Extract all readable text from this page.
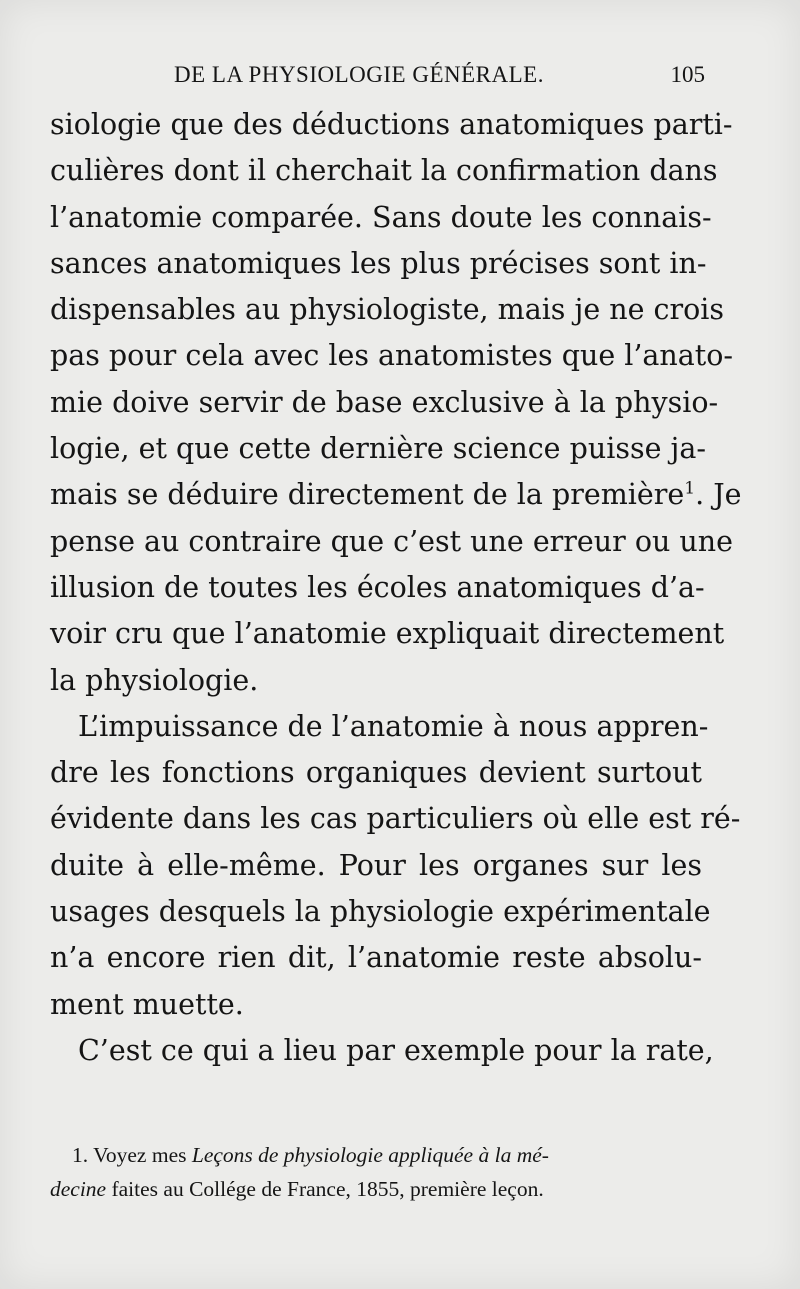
DE LA PHYSIOLOGIE GÉNÉRALE.	105
siologie que des déductions anatomiques parti-
culières dont il cherchait la confirmation dans
l’anatomie comparée. Sans doute les connais-
sances anatomiques les plus précises sont in-
dispensables au physiologiste, mais je ne crois
pas pour cela avec les anatomistes que l’anato-
mie doive servir de base exclusive à la physio-
logie, et que cette dernière science puisse ja-
mais se déduire directement de la première$^1$. Je
pense au contraire que c’est une erreur ou une
illusion de toutes les écoles anatomiques d’a-
voir cru que l’anatomie expliquait directement
la physiologie.
L’impuissance de l’anatomie à nous appren-
dre les fonctions organiques devient surtout
évidente dans les cas particuliers où elle est ré-
duite à elle-même. Pour les organes sur les
usages desquels la physiologie expérimentale
n’a encore rien dit, l’anatomie reste absolu-
ment muette.
C’est ce qui a lieu par exemple pour la rate,
1. Voyez mes Leçons de physiologie appliquée à la mé-
decine faites au Collége de France, 1855, première leçon.
